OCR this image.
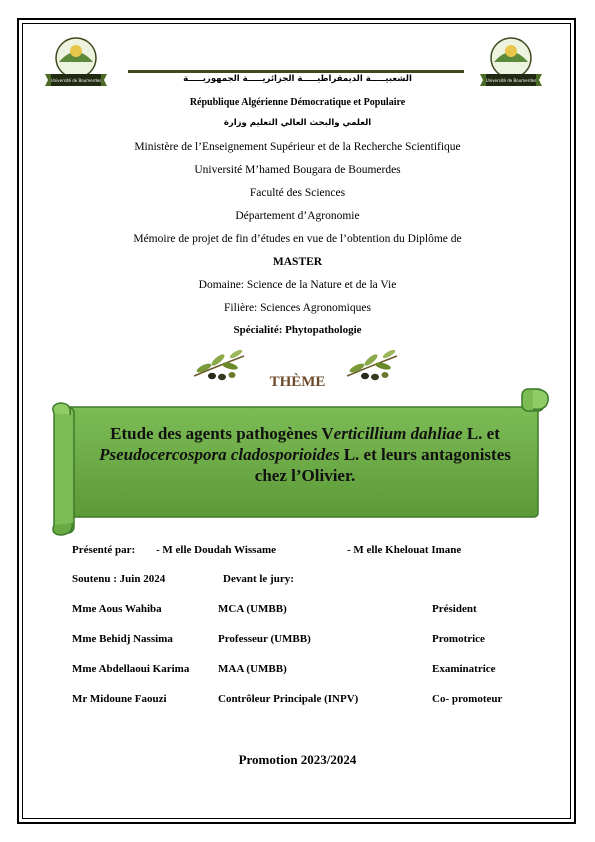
Université de Boumerdes	Université de Boumerdes
الشعبيـــــة الديمقراطيـــــة الجزائريـــــة الجمهوريـــــة
République Algérienne Démocratique et Populaire
العلمي والبحث العالي التعليم وزارة
Ministère de l’Enseignement Supérieur et de la Recherche Scientifique
Université M’hamed Bougara de Boumerdes
Faculté des Sciences
Département d’Agronomie
Mémoire de projet de fin d’études en vue de l’obtention du Diplôme de
MASTER
Domaine: Science de la Nature et de la Vie
Filière: Sciences Agronomiques
Spécialité: Phytopathologie
THÈME
Etude des agents pathogènes Verticillium dahliae L. et
Pseudocercospora cladosporioides L. et leurs antagonistes
chez l’Olivier.
Présenté par: - M elle Doudah Wissame	- M elle Khelouat Imane
Soutenu : Juin 2024	Devant le jury:
Mme Aous Wahiba	MCA (UMBB)	Président
Mme Behidj Nassima	Professeur (UMBB)	Promotrice
Mme Abdellaoui Karima	MAA (UMBB)	Examinatrice
Mr Midoune Faouzi	Contrôleur Principale (INPV)	Co- promoteur
Promotion 2023/2024
